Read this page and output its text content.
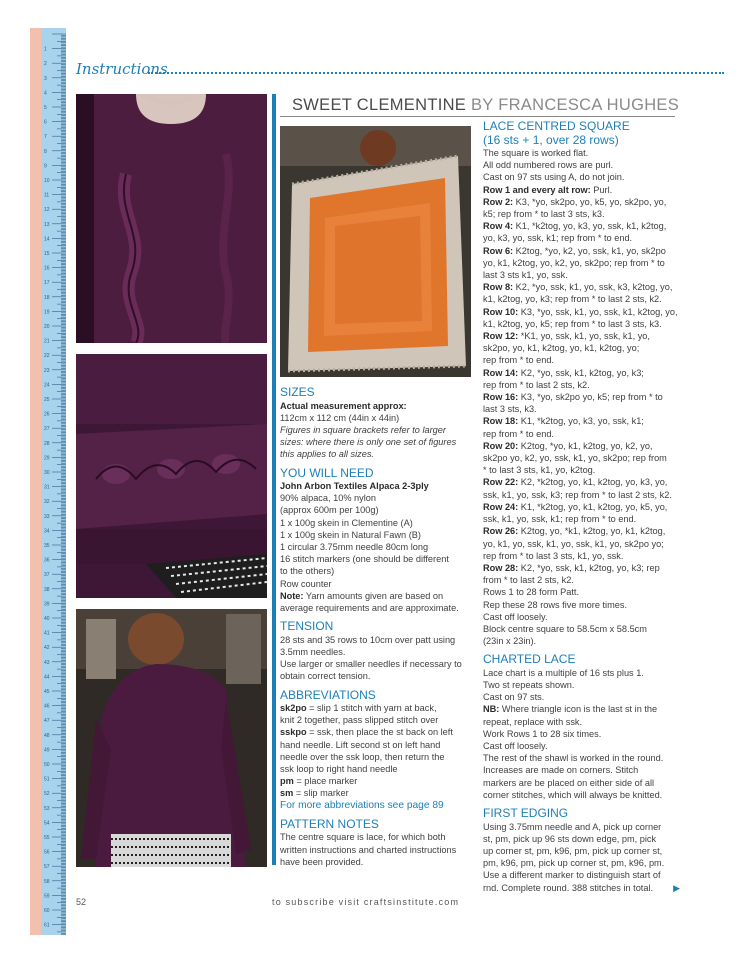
1
2
3
4
5
6
7
8
9
10
11
12
13
14
15
16
17
18
19
20
21
22
23
24
25
26
27
28
29
30
31
32
33
34
35
36
37
38
39
40
41
42
43
44
45
46
47
48
49
50
51
52
53
54
55
56
57
58
59
60
61
Instructions
SWEET CLEMENTINE BY FRANCESCA HUGHES

SIZES

Actual measurement approx:

112cm x 112 cm (44in x 44in)

Figures in square brackets refer to larger

sizes: where there is only one set of figures

this applies to all sizes.

YOU WILL NEED

John Arbon Textiles Alpaca 2-3ply

90% alpaca, 10% nylon

(approx 600m per 100g)

1 x 100g skein in Clementine (A)

1 x 100g skein in Natural Fawn (B)

1 circular 3.75mm needle 80cm long

16 stitch markers (one should be different

to the others)

Row counter

Note: Yarn amounts given are based on

average requirements and are approximate.

TENSION

28 sts and 35 rows to 10cm over patt using

3.5mm needles.

Use larger or smaller needles if necessary to

obtain correct tension.

ABBREVIATIONS

sk2po = slip 1 stitch with yarn at back,

knit 2 together, pass slipped stitch over

sskpo = ssk, then place the st back on left

hand needle. Lift second st on left hand

needle over the ssk loop, then return the

ssk loop to right hand needle

pm = place marker

sm = slip marker

For more abbreviations see page 89

PATTERN NOTES

The centre square is lace, for which both

written instructions and charted instructions

have been provided.

LACE CENTRED SQUARE

(16 sts + 1, over 28 rows)

The square is worked flat.

All odd numbered rows are purl.

Cast on 97 sts using A, do not join.

Row 1 and every alt row: Purl.

Row 2: K3, *yo, sk2po, yo, k5, yo, sk2po, yo,

k5; rep from * to last 3 sts, k3.

Row 4: K1, *k2tog, yo, k3, yo, ssk, k1, k2tog,

yo, k3, yo, ssk, k1; rep from * to end.

Row 6: K2tog, *yo, k2, yo, ssk, k1, yo, sk2po

yo, k1, k2tog, yo, k2, yo, sk2po; rep from * to

last 3 sts k1, yo, ssk.

Row 8: K2, *yo, ssk, k1, yo, ssk, k3, k2tog, yo,

k1, k2tog, yo, k3; rep from * to last 2 sts, k2.

Row 10: K3, *yo, ssk, k1, yo, ssk, k1, k2tog, yo,

k1, k2tog, yo, k5; rep from * to last 3 sts, k3.

Row 12: *K1, yo, ssk, k1, yo, ssk, k1, yo,

sk2po, yo, k1, k2tog, yo, k1, k2tog, yo;

rep from * to end.

Row 14: K2, *yo, ssk, k1, k2tog, yo, k3;

rep from * to last 2 sts, k2.

Row 16: K3, *yo, sk2po yo, k5; rep from * to

last 3 sts, k3.

Row 18: K1, *k2tog, yo, k3, yo, ssk, k1;

rep from * to end.

Row 20: K2tog, *yo, k1, k2tog, yo, k2, yo,

sk2po yo, k2, yo, ssk, k1, yo, sk2po; rep from

* to last 3 sts, k1, yo, k2tog.

Row 22: K2, *k2tog, yo, k1, k2tog, yo, k3, yo,

ssk, k1, yo, ssk, k3; rep from * to last 2 sts, k2.

Row 24: K1, *k2tog, yo, k1, k2tog, yo, k5, yo,

ssk, k1, yo, ssk, k1; rep from * to end.

Row 26: K2tog, yo, *k1, k2tog, yo, k1, k2tog,

yo, k1, yo, ssk, k1, yo, ssk, k1, yo, sk2po yo;

rep from * to last 3 sts, k1, yo, ssk.

Row 28: K2, *yo, ssk, k1, k2tog, yo, k3; rep

from * to last 2 sts, k2.

Rows 1 to 28 form Patt.

Rep these 28 rows five more times.

Cast off loosely.

Block centre square to 58.5cm x 58.5cm

(23in x 23in).

CHARTED LACE

Lace chart is a multiple of 16 sts plus 1.

Two st repeats shown.

Cast on 97 sts.

NB: Where triangle icon is the last st in the

repeat, replace with ssk.

Work Rows 1 to 28 six times.

Cast off loosely.

The rest of the shawl is worked in the round.

Increases are made on corners. Stitch

markers are be placed on either side of all

corner stitches, which will always be knitted.

FIRST EDGING

Using 3.75mm needle and A, pick up corner

st, pm, pick up 96 sts down edge, pm, pick

up corner st, pm, k96, pm, pick up corner st,

pm, k96, pm, pick up corner st, pm, k96, pm.

Use a different marker to distinguish start of

rnd. Complete round. 388 stitches in total.	▶
52	to subscribe visit craftsinstitute.com
